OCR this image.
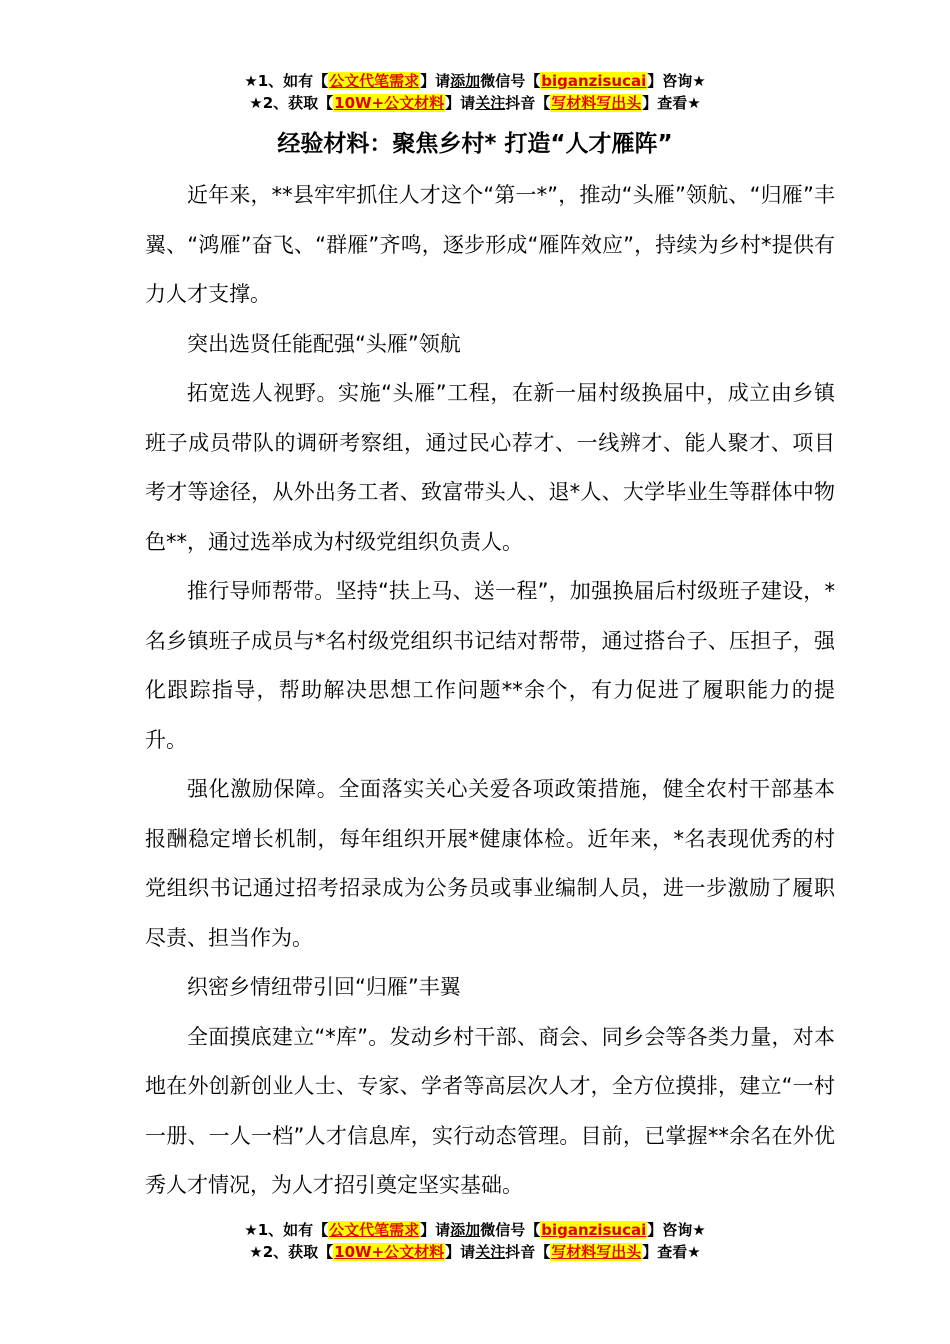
★1、如有【公文代笔需求】请添加微信号【biganzisucai】咨询★
★2、获取【10W+公文材料】请关注抖音【写材料写出头】查看★
经验材料：聚焦乡村* 打造“人才雁阵”

近年来，**县牢牢抓住人才这个“第一*”，推动“头雁”领航、“归雁”丰翼、“鸿雁”奋飞、“群雁”齐鸣，逐步形成“雁阵效应”，持续为乡村*提供有力人才支撑。

突出选贤任能配强“头雁”领航

拓宽选人视野。实施“头雁”工程，在新一届村级换届中，成立由乡镇班子成员带队的调研考察组，通过民心荐才、一线辨才、能人聚才、项目考才等途径，从外出务工者、致富带头人、退*人、大学毕业生等群体中物色**，通过选举成为村级党组织负责人。

推行导师帮带。坚持“扶上马、送一程”，加强换届后村级班子建设，*名乡镇班子成员与*名村级党组织书记结对帮带，通过搭台子、压担子，强化跟踪指导，帮助解决思想工作问题**余个，有力促进了履职能力的提升。

强化激励保障。全面落实关心关爱各项政策措施，健全农村干部基本报酬稳定增长机制，每年组织开展*健康体检。近年来，*名表现优秀的村党组织书记通过招考招录成为公务员或事业编制人员，进一步激励了履职尽责、担当作为。

织密乡情纽带引回“归雁”丰翼

全面摸底建立“*库”。发动乡村干部、商会、同乡会等各类力量，对本地在外创新创业人士、专家、学者等高层次人才，全方位摸排，建立“一村一册、一人一档”人才信息库，实行动态管理。目前，已掌握**余名在外优秀人才情况，为人才招引奠定坚实基础。

★1、如有【公文代笔需求】请添加微信号【biganzisucai】咨询★
★2、获取【10W+公文材料】请关注抖音【写材料写出头】查看★
